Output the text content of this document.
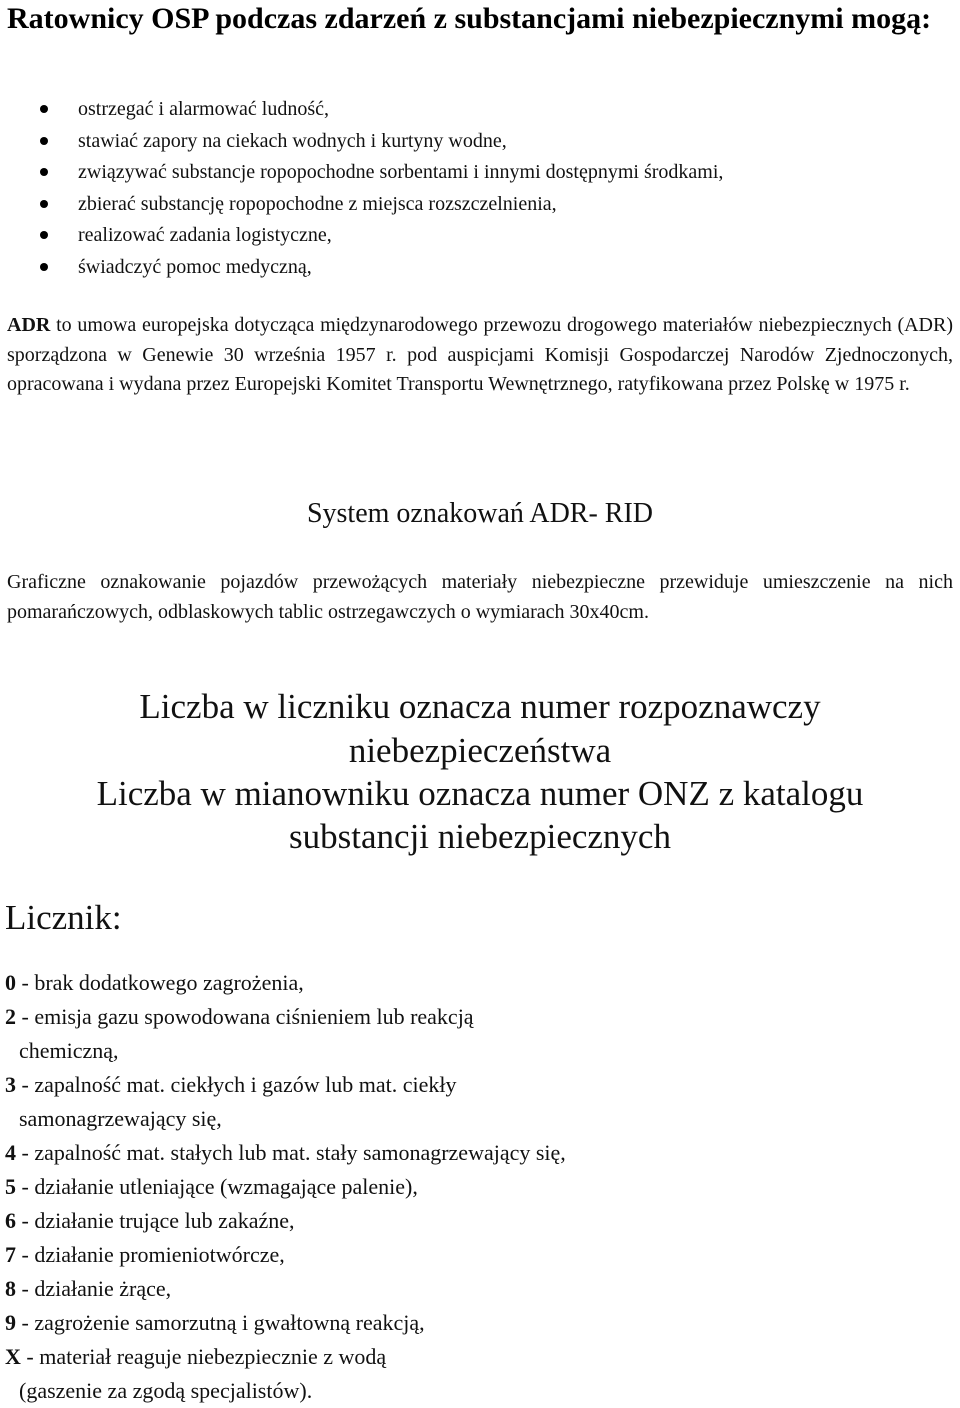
Ratownicy OSP podczas zdarzeń z substancjami niebezpiecznymi mogą:
ostrzegać i alarmować ludność,
stawiać zapory na ciekach wodnych i kurtyny wodne,
związywać substancje ropopochodne sorbentami i innymi dostępnymi środkami,
zbierać substancję ropopochodne z miejsca rozszczelnienia,
realizować zadania logistyczne,
świadczyć pomoc medyczną,

ADR to umowa europejska dotycząca międzynarodowego przewozu drogowego materiałów niebezpiecznych (ADR) sporządzona w Genewie 30 września 1957 r. pod auspicjami Komisji Gospodarczej Narodów Zjednoczonych, opracowana i wydana przez Europejski Komitet Transportu Wewnętrznego, ratyfikowana przez Polskę w 1975 r.

System oznakowań ADR- RID

Graficzne oznakowanie pojazdów przewożących materiały niebezpieczne przewiduje umieszczenie na nich pomarańczowych, odblaskowych tablic ostrzegawczych o wymiarach 30x40cm.

Liczba w liczniku oznacza numer rozpoznawczy
niebezpieczeństwa
Liczba w mianowniku oznacza numer ONZ z katalogu
substancji niebezpiecznych
Licznik:
0 - brak dodatkowego zagrożenia,
2 - emisja gazu spowodowana ciśnieniem lub reakcją
chemiczną,
3 - zapalność mat. ciekłych i gazów lub mat. ciekły
samonagrzewający się,
4 - zapalność mat. stałych lub mat. stały samonagrzewający się,
5 - działanie utleniające (wzmagające palenie),
6 - działanie trujące lub zakaźne,
7 - działanie promieniotwórcze,
8 - działanie żrące,
9 - zagrożenie samorzutną i gwałtowną reakcją,
X - materiał reaguje niebezpiecznie z wodą
(gaszenie za zgodą specjalistów).
